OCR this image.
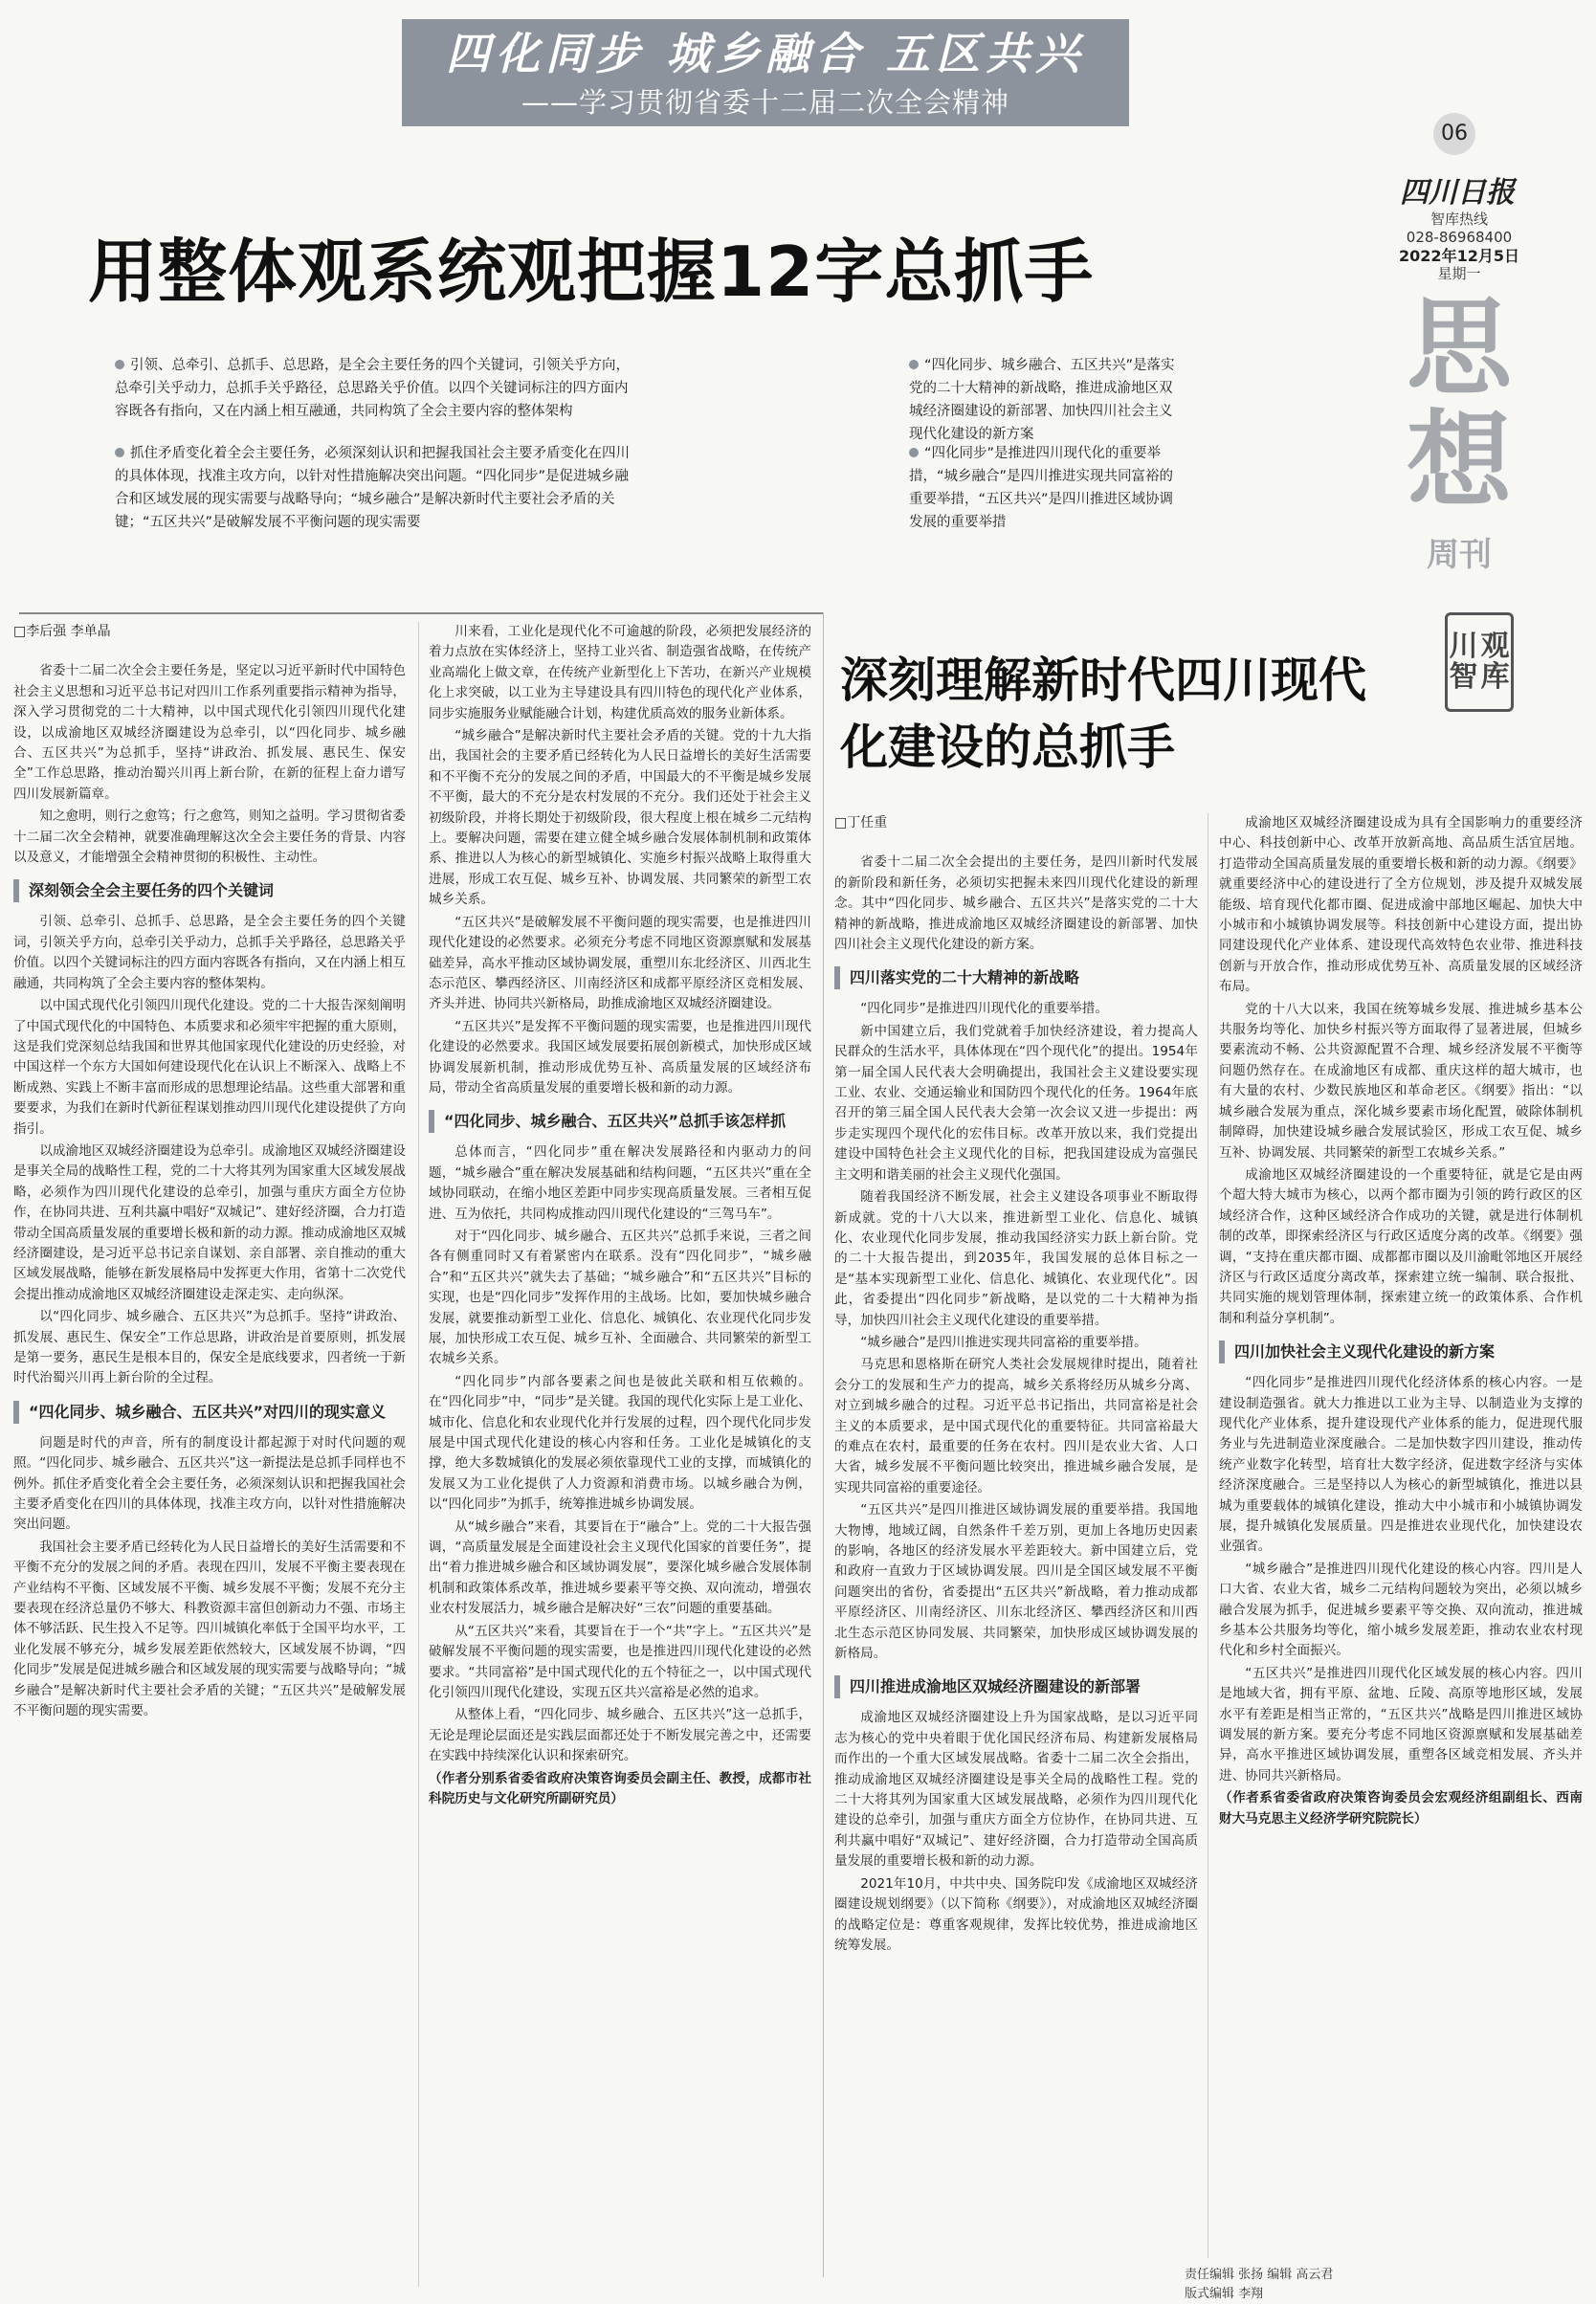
四化同步 城乡融合 五区共兴
——学习贯彻省委十二届二次全会精神
06
四川日报
智库热线
028-86968400
2022年12月5日
星期一
思想
周刊
用整体观系统观把握12字总抓手
引领、总牵引、总抓手、总思路，是全会主要任务的四个关键词，引领关乎方向，总牵引关乎动力，总抓手关乎路径，总思路关乎价值。以四个关键词标注的四方面内容既各有指向，又在内涵上相互融通，共同构筑了全会主要内容的整体架构
抓住矛盾变化着全会主要任务，必须深刻认识和把握我国社会主要矛盾变化在四川的具体体现，找准主攻方向，以针对性措施解决突出问题。“四化同步”是促进城乡融合和区域发展的现实需要与战略导向；“城乡融合”是解决新时代主要社会矛盾的关键；“五区共兴”是破解发展不平衡问题的现实需要
“四化同步、城乡融合、五区共兴”是落实党的二十大精神的新战略，推进成渝地区双城经济圈建设的新部署、加快四川社会主义现代化建设的新方案
“四化同步”是推进四川现代化的重要举措，“城乡融合”是四川推进实现共同富裕的重要举措，“五区共兴”是四川推进区域协调发展的重要举措

□李后强 李单晶

省委十二届二次全会主要任务是，坚定以习近平新时代中国特色社会主义思想和习近平总书记对四川工作系列重要指示精神为指导，深入学习贯彻党的二十大精神，以中国式现代化引领四川现代化建设，以成渝地区双城经济圈建设为总牵引，以“四化同步、城乡融合、五区共兴”为总抓手，坚持“讲政治、抓发展、惠民生、保安全”工作总思路，推动治蜀兴川再上新台阶，在新的征程上奋力谱写四川发展新篇章。

知之愈明，则行之愈笃；行之愈笃，则知之益明。学习贯彻省委十二届二次全会精神，就要准确理解这次全会主要任务的背景、内容以及意义，才能增强全会精神贯彻的积极性、主动性。

深刻领会全会主要任务的四个关键词

引领、总牵引、总抓手、总思路，是全会主要任务的四个关键词，引领关乎方向，总牵引关乎动力，总抓手关乎路径，总思路关乎价值。以四个关键词标注的四方面内容既各有指向，又在内涵上相互融通，共同构筑了全会主要内容的整体架构。

以中国式现代化引领四川现代化建设。党的二十大报告深刻阐明了中国式现代化的中国特色、本质要求和必须牢牢把握的重大原则，这是我们党深刻总结我国和世界其他国家现代化建设的历史经验，对中国这样一个东方大国如何建设现代化在认识上不断深入、战略上不断成熟、实践上不断丰富而形成的思想理论结晶。这些重大部署和重要要求，为我们在新时代新征程谋划推动四川现代化建设提供了方向指引。

以成渝地区双城经济圈建设为总牵引。成渝地区双城经济圈建设是事关全局的战略性工程，党的二十大将其列为国家重大区域发展战略，必须作为四川现代化建设的总牵引，加强与重庆方面全方位协作，在协同共进、互利共赢中唱好“双城记”、建好经济圈，合力打造带动全国高质量发展的重要增长极和新的动力源。推动成渝地区双城经济圈建设，是习近平总书记亲自谋划、亲自部署、亲自推动的重大区域发展战略，能够在新发展格局中发挥更大作用，省第十二次党代会提出推动成渝地区双城经济圈建设走深走实、走向纵深。

以“四化同步、城乡融合、五区共兴”为总抓手。坚持“讲政治、抓发展、惠民生、保安全”工作总思路，讲政治是首要原则，抓发展是第一要务，惠民生是根本目的，保安全是底线要求，四者统一于新时代治蜀兴川再上新台阶的全过程。

“四化同步、城乡融合、五区共兴”对四川的现实意义

问题是时代的声音，所有的制度设计都起源于对时代问题的观照。“四化同步、城乡融合、五区共兴”这一新提法是总抓手同样也不例外。抓住矛盾变化着全会主要任务，必须深刻认识和把握我国社会主要矛盾变化在四川的具体体现，找准主攻方向，以针对性措施解决突出问题。

我国社会主要矛盾已经转化为人民日益增长的美好生活需要和不平衡不充分的发展之间的矛盾。表现在四川，发展不平衡主要表现在产业结构不平衡、区域发展不平衡、城乡发展不平衡；发展不充分主要表现在经济总量仍不够大、科教资源丰富但创新动力不强、市场主体不够活跃、民生投入不足等。四川城镇化率低于全国平均水平，工业化发展不够充分，城乡发展差距依然较大，区域发展不协调，“四化同步”发展是促进城乡融合和区域发展的现实需要与战略导向；“城乡融合”是解决新时代主要社会矛盾的关键；“五区共兴”是破解发展不平衡问题的现实需要。

川来看，工业化是现代化不可逾越的阶段，必须把发展经济的着力点放在实体经济上，坚持工业兴省、制造强省战略，在传统产业高端化上做文章，在传统产业新型化上下苦功，在新兴产业规模化上求突破，以工业为主导建设具有四川特色的现代化产业体系，同步实施服务业赋能融合计划，构建优质高效的服务业新体系。

“城乡融合”是解决新时代主要社会矛盾的关键。党的十九大指出，我国社会的主要矛盾已经转化为人民日益增长的美好生活需要和不平衡不充分的发展之间的矛盾，中国最大的不平衡是城乡发展不平衡，最大的不充分是农村发展的不充分。我们还处于社会主义初级阶段，并将长期处于初级阶段，很大程度上根在城乡二元结构上。要解决问题，需要在建立健全城乡融合发展体制机制和政策体系、推进以人为核心的新型城镇化、实施乡村振兴战略上取得重大进展，形成工农互促、城乡互补、协调发展、共同繁荣的新型工农城乡关系。

“五区共兴”是破解发展不平衡问题的现实需要，也是推进四川现代化建设的必然要求。必须充分考虑不同地区资源禀赋和发展基础差异，高水平推动区域协调发展，重塑川东北经济区、川西北生态示范区、攀西经济区、川南经济区和成都平原经济区竞相发展、齐头并进、协同共兴新格局，助推成渝地区双城经济圈建设。

“五区共兴”是发挥不平衡问题的现实需要，也是推进四川现代化建设的必然要求。我国区域发展要拓展创新模式，加快形成区域协调发展新机制，推动形成优势互补、高质量发展的区域经济布局，带动全省高质量发展的重要增长极和新的动力源。

“四化同步、城乡融合、五区共兴”总抓手该怎样抓

总体而言，“四化同步”重在解决发展路径和内驱动力的问题，“城乡融合”重在解决发展基础和结构问题，“五区共兴”重在全域协同联动，在缩小地区差距中同步实现高质量发展。三者相互促进、互为依托，共同构成推动四川现代化建设的“三驾马车”。

对于“四化同步、城乡融合、五区共兴”总抓手来说，三者之间各有侧重同时又有着紧密内在联系。没有“四化同步”，“城乡融合”和“五区共兴”就失去了基础；“城乡融合”和“五区共兴”目标的实现，也是“四化同步”发挥作用的主战场。比如，要加快城乡融合发展，就要推动新型工业化、信息化、城镇化、农业现代化同步发展，加快形成工农互促、城乡互补、全面融合、共同繁荣的新型工农城乡关系。

“四化同步”内部各要素之间也是彼此关联和相互依赖的。在“四化同步”中，“同步”是关键。我国的现代化实际上是工业化、城市化、信息化和农业现代化并行发展的过程，四个现代化同步发展是中国式现代化建设的核心内容和任务。工业化是城镇化的支撑，绝大多数城镇化的发展必须依靠现代工业的支撑，而城镇化的发展又为工业化提供了人力资源和消费市场。以城乡融合为例，以“四化同步”为抓手，统筹推进城乡协调发展。

从“城乡融合”来看，其要旨在于“融合”上。党的二十大报告强调，“高质量发展是全面建设社会主义现代化国家的首要任务”，提出“着力推进城乡融合和区域协调发展”，要深化城乡融合发展体制机制和政策体系改革，推进城乡要素平等交换、双向流动，增强农业农村发展活力，城乡融合是解决好“三农”问题的重要基础。

从“五区共兴”来看，其要旨在于一个“共”字上。“五区共兴”是破解发展不平衡问题的现实需要，也是推进四川现代化建设的必然要求。“共同富裕”是中国式现代化的五个特征之一，以中国式现代化引领四川现代化建设，实现五区共兴富裕是必然的追求。

从整体上看，“四化同步、城乡融合、五区共兴”这一总抓手，无论是理论层面还是实践层面都还处于不断发展完善之中，还需要在实践中持续深化认识和探索研究。

（作者分别系省委省政府决策咨询委员会副主任、教授，成都市社科院历史与文化研究所副研究员）

深刻理解新时代四川现代化建设的总抓手
川 观
智 库

□丁任重

省委十二届二次全会提出的主要任务，是四川新时代发展的新阶段和新任务，必须切实把握未来四川现代化建设的新理念。其中“四化同步、城乡融合、五区共兴”是落实党的二十大精神的新战略，推进成渝地区双城经济圈建设的新部署、加快四川社会主义现代化建设的新方案。

四川落实党的二十大精神的新战略

“四化同步”是推进四川现代化的重要举措。

新中国建立后，我们党就着手加快经济建设，着力提高人民群众的生活水平，具体体现在“四个现代化”的提出。1954年第一届全国人民代表大会明确提出，我国社会主义建设要实现工业、农业、交通运输业和国防四个现代化的任务。1964年底召开的第三届全国人民代表大会第一次会议又进一步提出：两步走实现四个现代化的宏伟目标。改革开放以来，我们党提出建设中国特色社会主义现代化的目标，把我国建设成为富强民主文明和谐美丽的社会主义现代化强国。

随着我国经济不断发展，社会主义建设各项事业不断取得新成就。党的十八大以来，推进新型工业化、信息化、城镇化、农业现代化同步发展，推动我国经济实力跃上新台阶。党的二十大报告提出，到2035年，我国发展的总体目标之一是“基本实现新型工业化、信息化、城镇化、农业现代化”。因此，省委提出“四化同步”新战略，是以党的二十大精神为指导，加快四川社会主义现代化建设的重要举措。

“城乡融合”是四川推进实现共同富裕的重要举措。

马克思和恩格斯在研究人类社会发展规律时提出，随着社会分工的发展和生产力的提高，城乡关系将经历从城乡分离、对立到城乡融合的过程。习近平总书记指出，共同富裕是社会主义的本质要求，是中国式现代化的重要特征。共同富裕最大的难点在农村，最重要的任务在农村。四川是农业大省、人口大省，城乡发展不平衡问题比较突出，推进城乡融合发展，是实现共同富裕的重要途径。

“五区共兴”是四川推进区域协调发展的重要举措。我国地大物博，地域辽阔，自然条件千差万别，更加上各地历史因素的影响，各地区的经济发展水平差距较大。新中国建立后，党和政府一直致力于区域协调发展。四川是全国区域发展不平衡问题突出的省份，省委提出“五区共兴”新战略，着力推动成都平原经济区、川南经济区、川东北经济区、攀西经济区和川西北生态示范区协同发展、共同繁荣，加快形成区域协调发展的新格局。

四川推进成渝地区双城经济圈建设的新部署

成渝地区双城经济圈建设上升为国家战略，是以习近平同志为核心的党中央着眼于优化国民经济布局、构建新发展格局而作出的一个重大区域发展战略。省委十二届二次全会指出，推动成渝地区双城经济圈建设是事关全局的战略性工程。党的二十大将其列为国家重大区域发展战略，必须作为四川现代化建设的总牵引，加强与重庆方面全方位协作，在协同共进、互利共赢中唱好“双城记”、建好经济圈，合力打造带动全国高质量发展的重要增长极和新的动力源。

2021年10月，中共中央、国务院印发《成渝地区双城经济圈建设规划纲要》（以下简称《纲要》），对成渝地区双城经济圈的战略定位是：尊重客观规律，发挥比较优势，推进成渝地区统筹发展。

成渝地区双城经济圈建设成为具有全国影响力的重要经济中心、科技创新中心、改革开放新高地、高品质生活宜居地。打造带动全国高质量发展的重要增长极和新的动力源。《纲要》就重要经济中心的建设进行了全方位规划，涉及提升双城发展能级、培育现代化都市圈、促进成渝中部地区崛起、加快大中小城市和小城镇协调发展等。科技创新中心建设方面，提出协同建设现代化产业体系、建设现代高效特色农业带、推进科技创新与开放合作，推动形成优势互补、高质量发展的区域经济布局。

党的十八大以来，我国在统筹城乡发展、推进城乡基本公共服务均等化、加快乡村振兴等方面取得了显著进展，但城乡要素流动不畅、公共资源配置不合理、城乡经济发展不平衡等问题仍然存在。在成渝地区有成都、重庆这样的超大城市，也有大量的农村、少数民族地区和革命老区。《纲要》指出：“以城乡融合发展为重点，深化城乡要素市场化配置，破除体制机制障碍，加快建设城乡融合发展试验区，形成工农互促、城乡互补、协调发展、共同繁荣的新型工农城乡关系。”

成渝地区双城经济圈建设的一个重要特征，就是它是由两个超大特大城市为核心，以两个都市圈为引领的跨行政区的区域经济合作，这种区域经济合作成功的关键，就是进行体制机制的改革，即探索经济区与行政区适度分离的改革。《纲要》强调，“支持在重庆都市圈、成都都市圈以及川渝毗邻地区开展经济区与行政区适度分离改革，探索建立统一编制、联合报批、共同实施的规划管理体制，探索建立统一的政策体系、合作机制和利益分享机制”。

四川加快社会主义现代化建设的新方案

“四化同步”是推进四川现代化经济体系的核心内容。一是建设制造强省。就大力推进以工业为主导、以制造业为支撑的现代化产业体系，提升建设现代产业体系的能力，促进现代服务业与先进制造业深度融合。二是加快数字四川建设，推动传统产业数字化转型，培育壮大数字经济，促进数字经济与实体经济深度融合。三是坚持以人为核心的新型城镇化，推进以县城为重要载体的城镇化建设，推动大中小城市和小城镇协调发展，提升城镇化发展质量。四是推进农业现代化，加快建设农业强省。

“城乡融合”是推进四川现代化建设的核心内容。四川是人口大省、农业大省，城乡二元结构问题较为突出，必须以城乡融合发展为抓手，促进城乡要素平等交换、双向流动，推进城乡基本公共服务均等化，缩小城乡发展差距，推动农业农村现代化和乡村全面振兴。

“五区共兴”是推进四川现代化区域发展的核心内容。四川是地域大省，拥有平原、盆地、丘陵、高原等地形区域，发展水平有差距是相当正常的，“五区共兴”战略是四川推进区域协调发展的新方案。要充分考虑不同地区资源禀赋和发展基础差异，高水平推进区域协调发展，重塑各区域竞相发展、齐头并进、协同共兴新格局。

（作者系省委省政府决策咨询委员会宏观经济组副组长、西南财大马克思主义经济学研究院院长）

责任编辑 张扬 编辑 高云君
版式编辑 李翔
